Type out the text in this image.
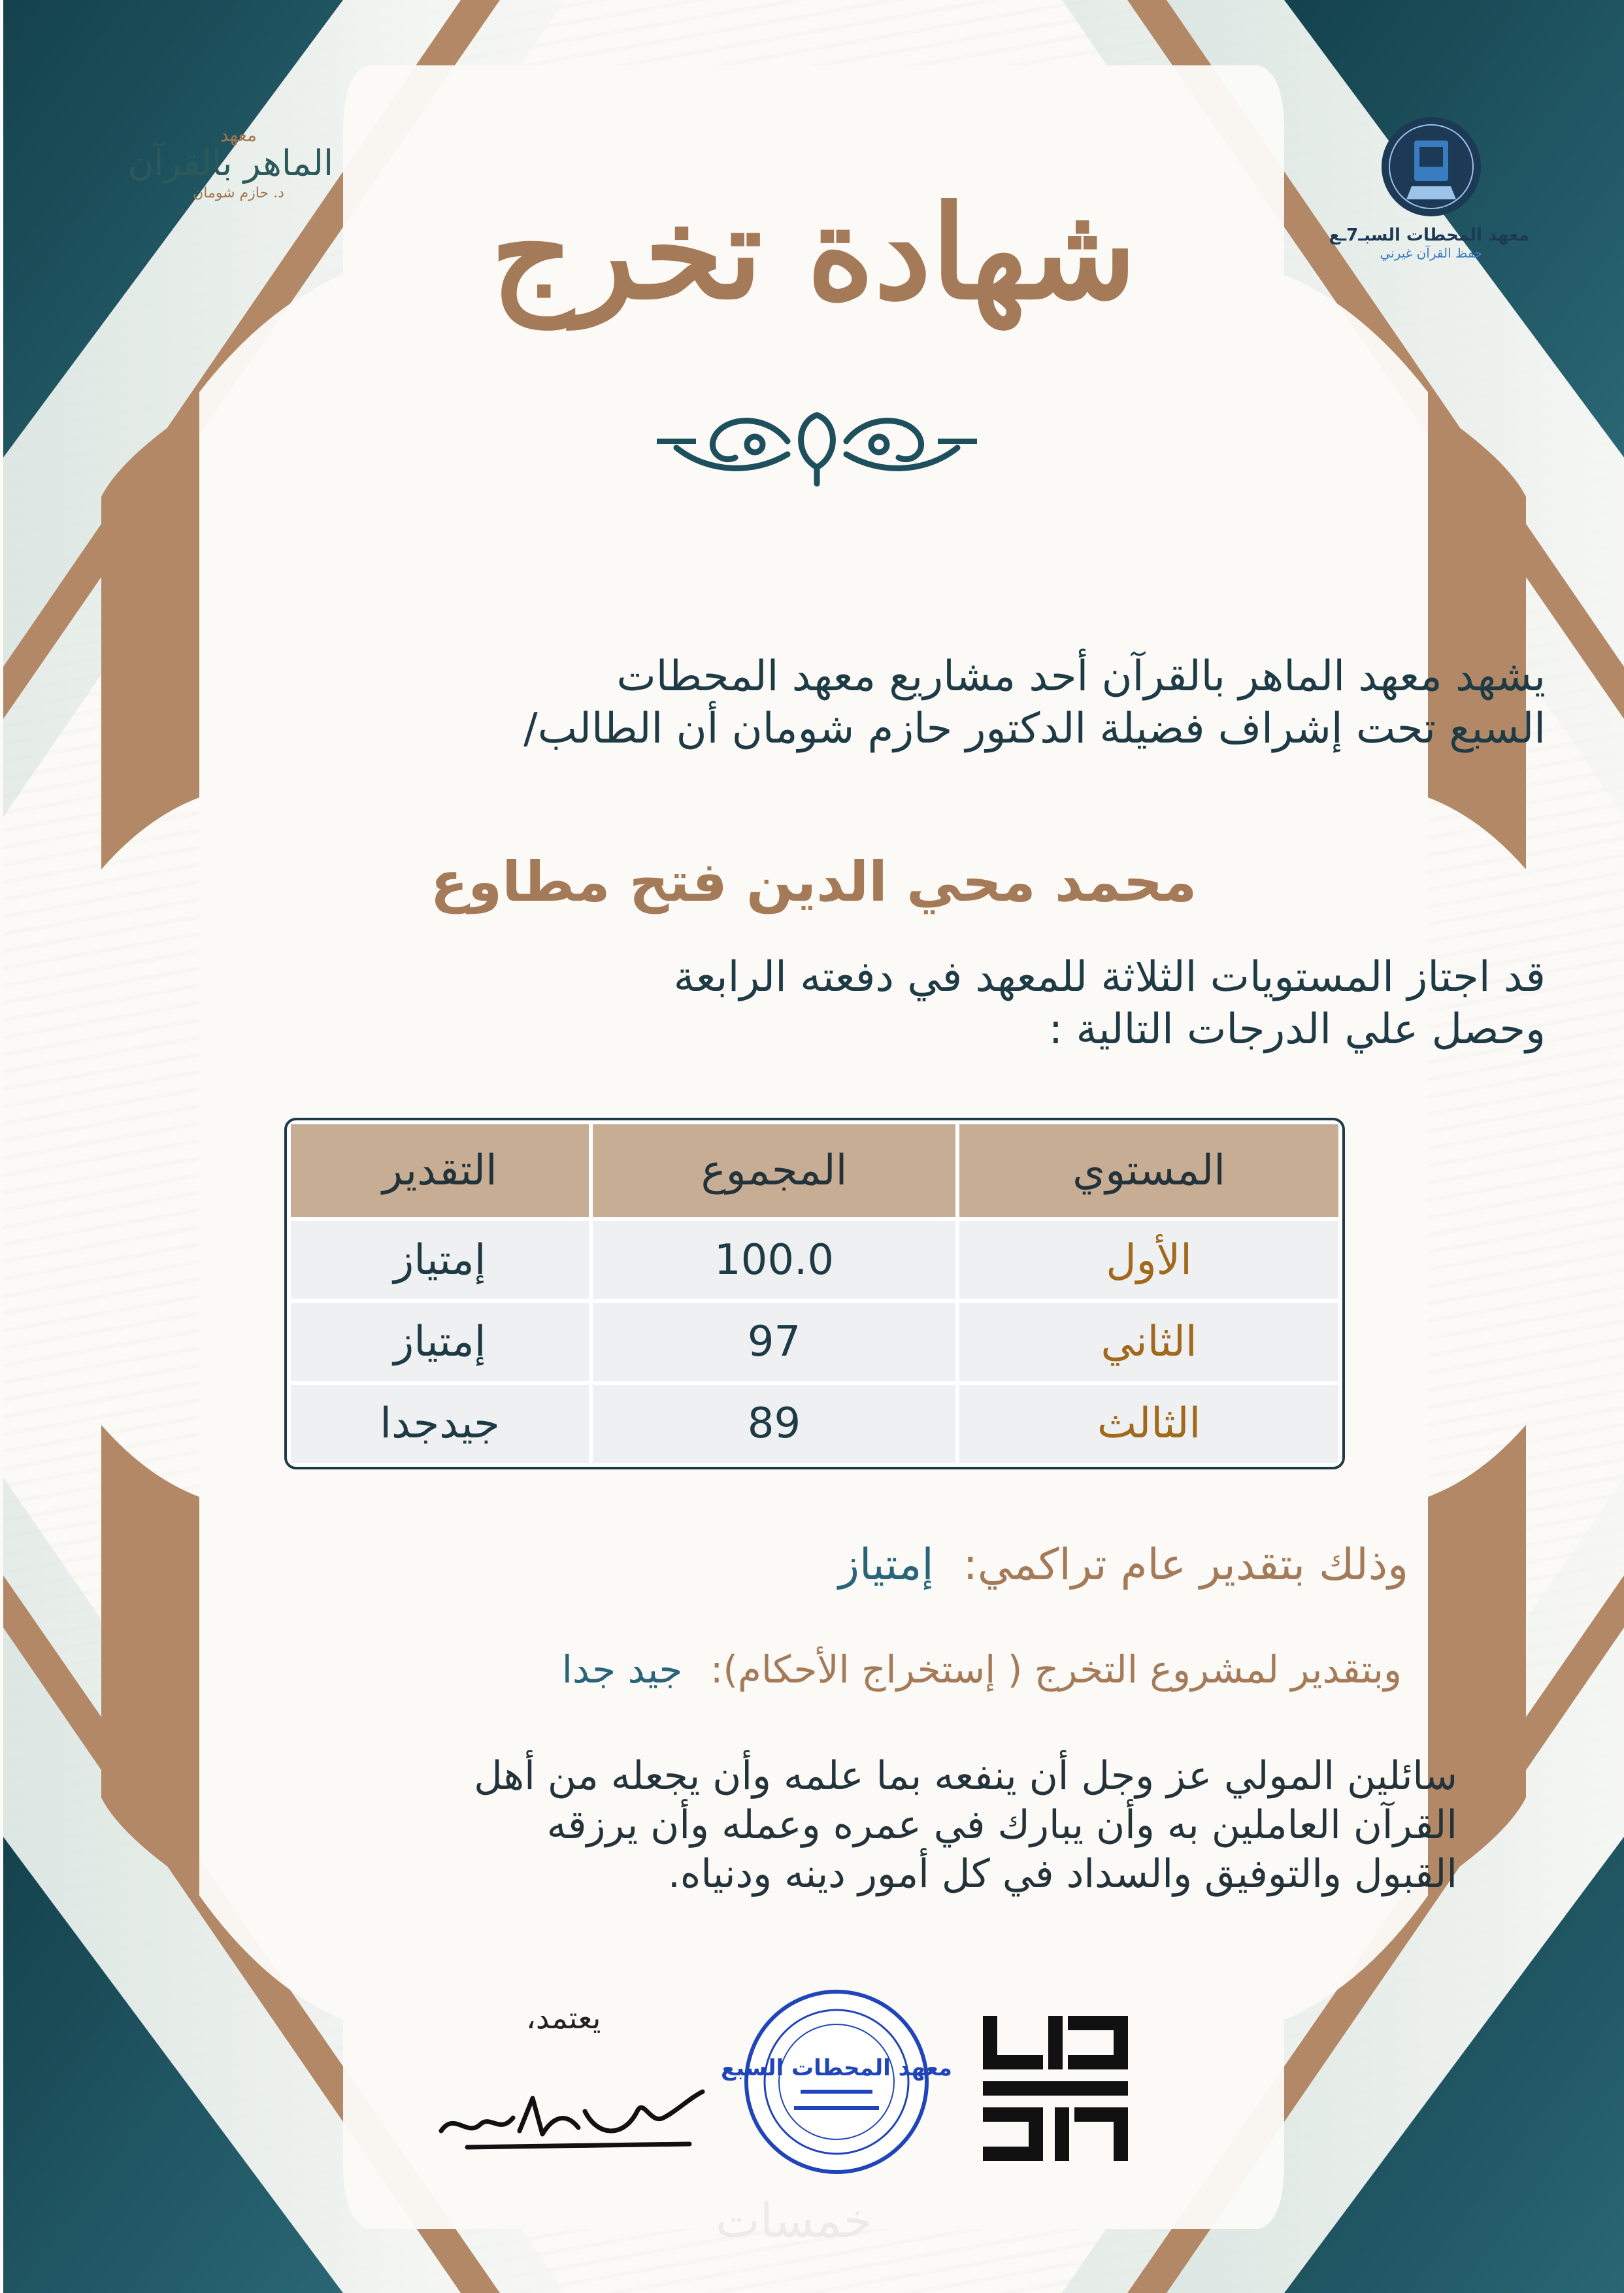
معهد المحطات السبـ7ـع
حفظ القرآن غيرني
معهد
الماهر بالقرآن
د. حازم شومان	شهادة تخرج
يشهد معهد الماهر بالقرآن أحد مشاريع معهد المحطات
السبع تحت إشراف فضيلة الدكتور حازم شومان أن الطالب/
محمد محي الدين فتح مطاوع
قد اجتاز المستويات الثلاثة للمعهد في دفعته الرابعة
وحصل علي الدرجات التالية :
المستوي	المجموع	التقدير
الأول	100.0	إمتياز
الثاني	97	إمتياز
الثالث	89	جيدجدا
وذلك بتقدير عام تراكمي: إمتياز
وبتقدير لمشروع التخرج ( إستخراج الأحكام): جيد جدا
سائلين المولي عز وجل أن ينفعه بما علمه وأن يجعله من أهل
القرآن العاملين به وأن يبارك في عمره وعمله وأن يرزقه
القبول والتوفيق والسداد في كل أمور دينه ودنياه.
يعتمد،
معهد المحطات السبع
خمسات
